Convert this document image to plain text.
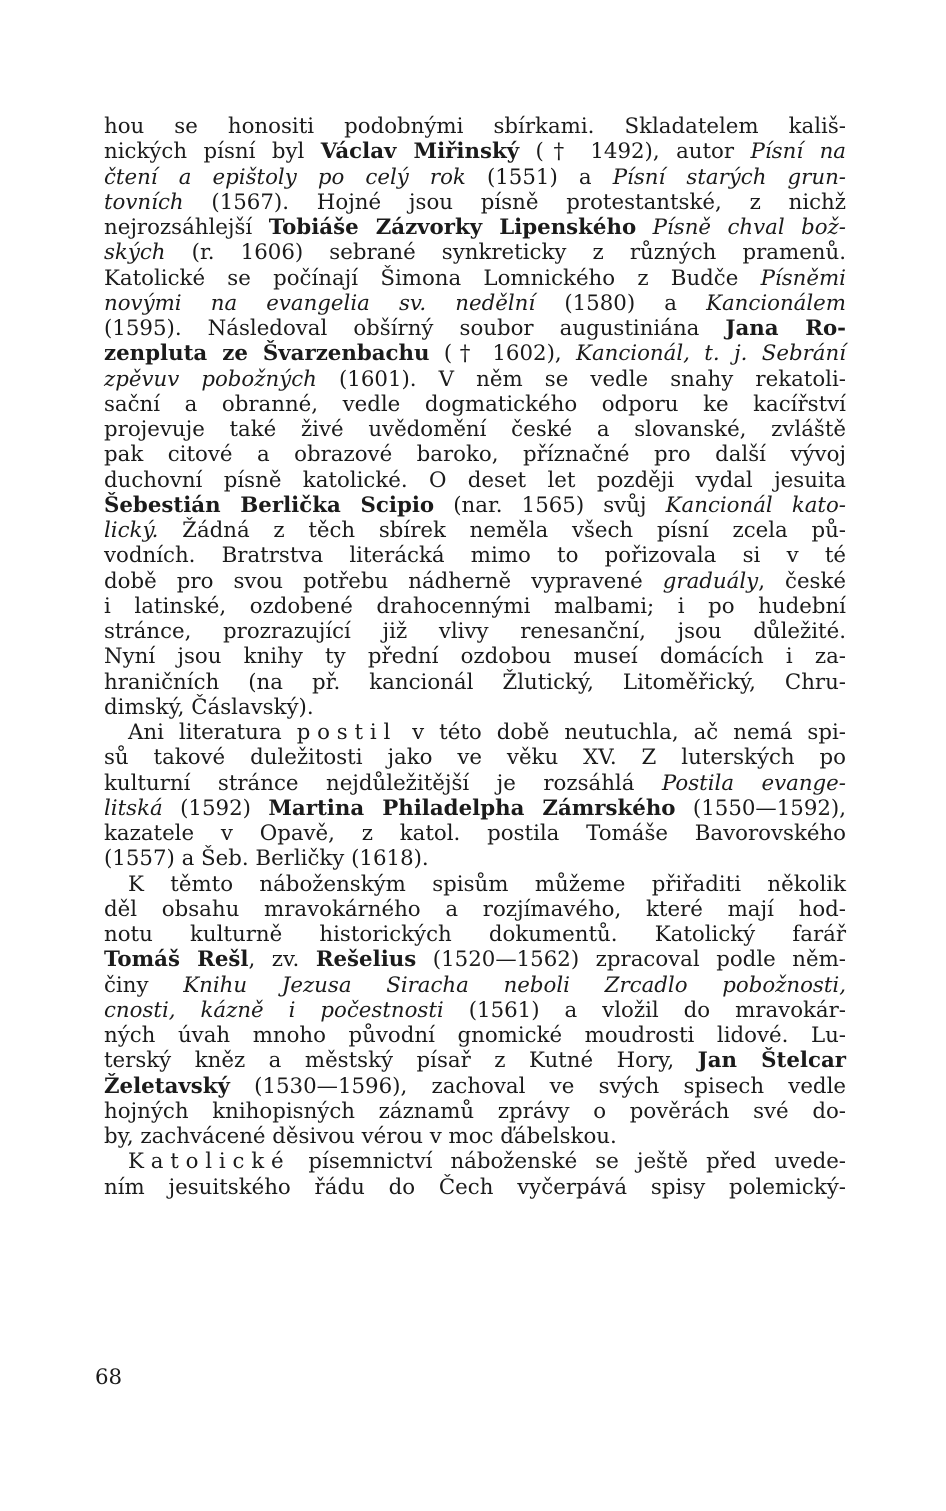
hou se honositi podobnými sbírkami. Skladatelem kališ-
nických písní byl Václav Miřinský († 1492), autor Písní na
čtení a epištoly po celý rok (1551) a Písní starých grun-
tovních (1567). Hojné jsou písně protestantské, z nichž
nejrozsáhlejší Tobiáše Zázvorky Lipenského Písně chval bož-
ských (r. 1606) sebrané synkreticky z různých pramenů.
Katolické se počínají Šimona Lomnického z Budče Písněmi
novými na evangelia sv. nedělní (1580) a Kancionálem
(1595). Následoval obšírný soubor augustiniána Jana Ro-
zenpluta ze Švarzenbachu († 1602), Kancionál, t. j. Sebrání
zpěvuv pobožných (1601). V něm se vedle snahy rekatoli-
sační a obranné, vedle dogmatického odporu ke kacířství
projevuje také živé uvědomění české a slovanské, zvláště
pak citové a obrazové baroko, příznačné pro další vývoj
duchovní písně katolické. O deset let později vydal jesuita
Šebestián Berlička Scipio (nar. 1565) svůj Kancionál kato-
lický. Žádná z těch sbírek neměla všech písní zcela pů-
vodních. Bratrstva literácká mimo to pořizovala si v té
době pro svou potřebu nádherně vypravené graduály, české
i latinské, ozdobené drahocennými malbami; i po hudební
stránce, prozrazující již vlivy renesanční, jsou důležité.
Nyní jsou knihy ty přední ozdobou museí domácích i za-
hraničních (na př. kancionál Žlutický, Litoměřický, Chru-
dimský, Čáslavský).
Ani literatura postil v této době neutuchla, ač nemá spi-
sů takové duležitosti jako ve věku XV. Z luterských po
kulturní stránce nejdůležitější je rozsáhlá Postila evange-
litská (1592) Martina Philadelpha Zámrského (1550—1592),
kazatele v Opavě, z katol. postila Tomáše Bavorovského
(1557) a Šeb. Berličky (1618).
K těmto náboženským spisům můžeme přiřaditi několik
děl obsahu mravokárného a rozjímavého, které mají hod-
notu kulturně historických dokumentů. Katolický farář
Tomáš Rešl, zv. Rešelius (1520—1562) zpracoval podle něm-
činy Knihu Jezusa Siracha neboli Zrcadlo pobožnosti,
cnosti, kázně i počestnosti (1561) a vložil do mravokár-
ných úvah mnoho původní gnomické moudrosti lidové. Lu-
terský kněz a městský písař z Kutné Hory, Jan Štelcar
Želetavský (1530—1596), zachoval ve svých spisech vedle
hojných knihopisných záznamů zprávy o pověrách své do-
by, zachvácené děsivou vérou v moc ďábelskou.
Katolické písemnictví náboženské se ještě před uvede-
ním jesuitského řádu do Čech vyčerpává spisy polemický-
68
